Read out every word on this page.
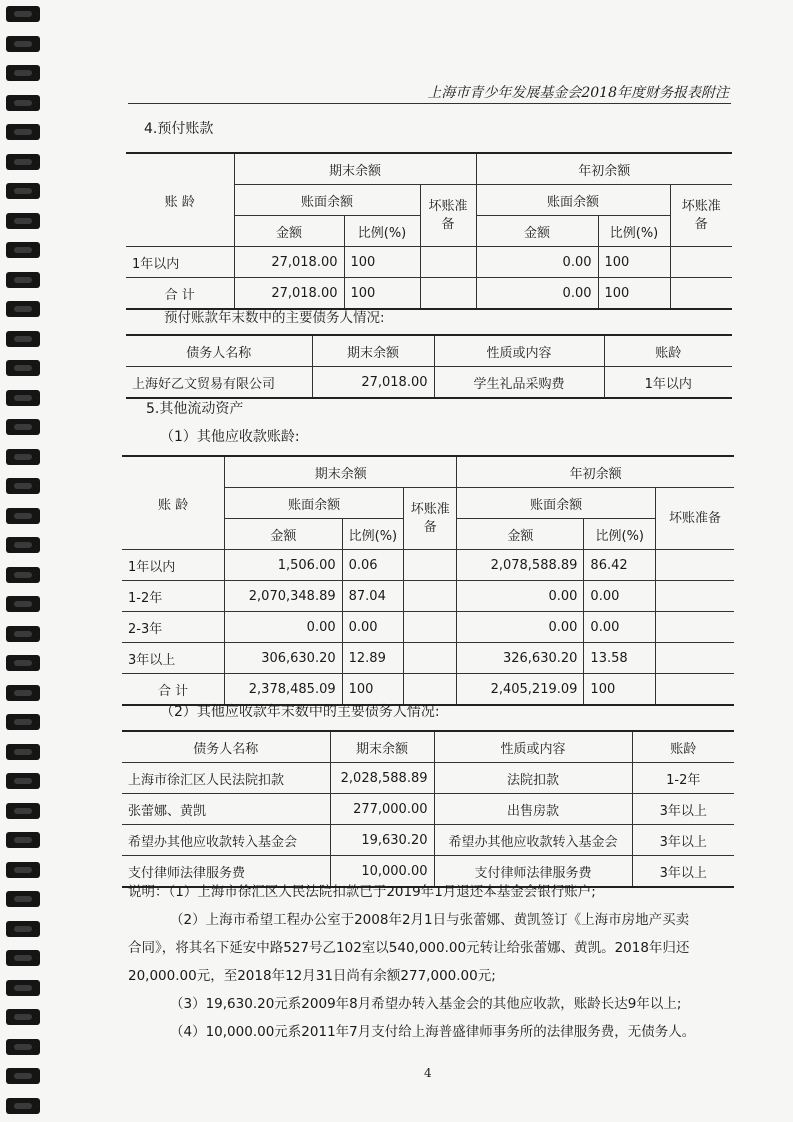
上海市青少年发展基金会2018年度财务报表附注
4.预付账款
账 龄	期末余额			年初余额		
	账面余额		坏账准备	账面余额		坏账准备
	金额	比例(%)		金额	比例(%)	
1年以内	27,018.00	100		0.00	100	
合 计	27,018.00	100		0.00	100	
预付账款年末数中的主要债务人情况:
债务人名称	期末余额	性质或内容	账龄
上海好乙文贸易有限公司	27,018.00	学生礼品采购费	1年以内
5.其他流动资产
（1）其他应收款账龄:
账 龄	期末余额			年初余额		
	账面余额		坏账准备	账面余额		坏账准备
	金额	比例(%)		金额	比例(%)	
1年以内	1,506.00	0.06		2,078,588.89	86.42	
1-2年	2,070,348.89	87.04		0.00	0.00	
2-3年	0.00	0.00		0.00	0.00	
3年以上	306,630.20	12.89		326,630.20	13.58	
合 计	2,378,485.09	100		2,405,219.09	100	
（2）其他应收款年末数中的主要债务人情况:
债务人名称	期末余额	性质或内容	账龄
上海市徐汇区人民法院扣款	2,028,588.89	法院扣款	1-2年
张蕾娜、黄凯	277,000.00	出售房款	3年以上
希望办其他应收款转入基金会	19,630.20	希望办其他应收款转入基金会	3年以上
支付律师法律服务费	10,000.00	支付律师法律服务费	3年以上

说明：（1）上海市徐汇区人民法院扣款已于2019年1月退还本基金会银行账户;

（2）上海市希望工程办公室于2008年2月1日与张蕾娜、黄凯签订《上海市房地产买卖

合同》，将其名下延安中路527号乙102室以540,000.00元转让给张蕾娜、黄凯。2018年归还

20,000.00元，至2018年12月31日尚有余额277,000.00元;

（3）19,630.20元系2009年8月希望办转入基金会的其他应收款，账龄长达9年以上;

（4）10,000.00元系2011年7月支付给上海普盛律师事务所的法律服务费，无债务人。

4
